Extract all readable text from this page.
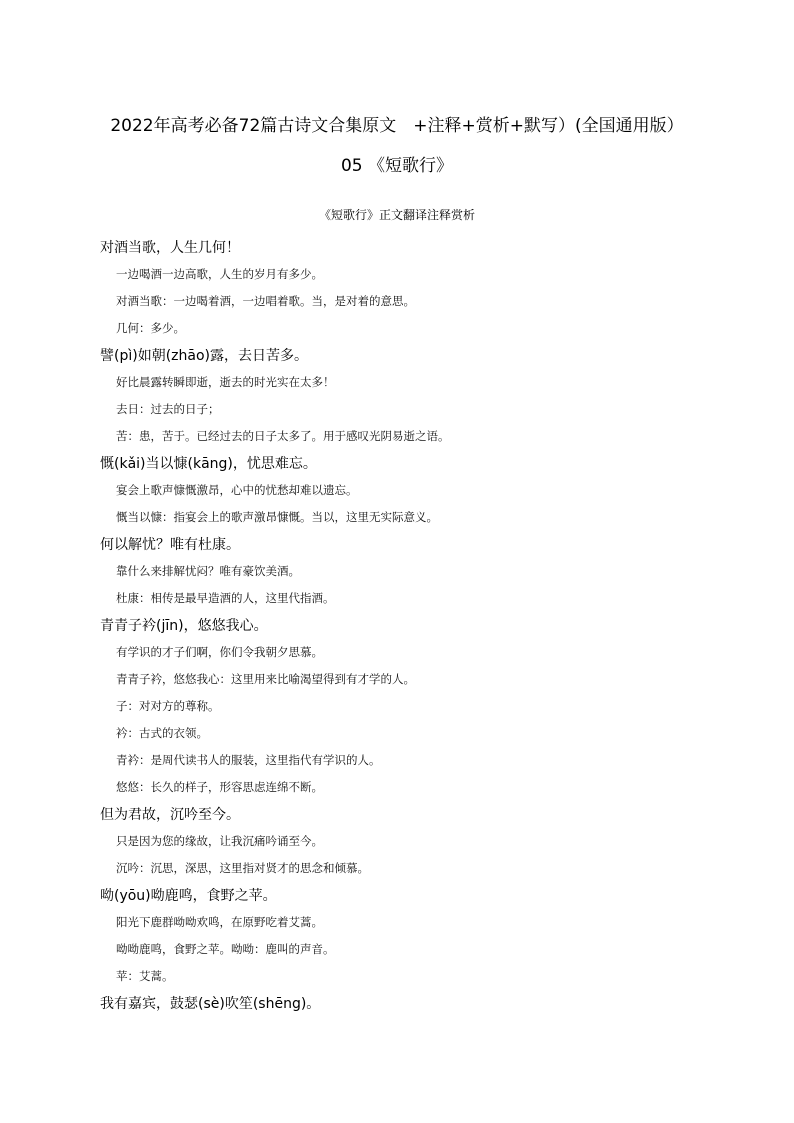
2022年高考必备72篇古诗文合集原文　+注释+赏析+默写）(全国通用版）
05 《短歌行》
《短歌行》正文翻译注释赏析
对酒当歌，人生几何！
一边喝酒一边高歌，人生的岁月有多少。
对酒当歌：一边喝着酒，一边唱着歌。当，是对着的意思。
几何：多少。
譬(pì)如朝(zhāo)露，去日苦多。
好比晨露转瞬即逝，逝去的时光实在太多！
去日：过去的日子；
苦：患，苦于。已经过去的日子太多了。用于感叹光阴易逝之语。
慨(kǎi)当以慷(kāng)，忧思难忘。
宴会上歌声慷慨激昂，心中的忧愁却难以遗忘。
慨当以慷：指宴会上的歌声激昂慷慨。当以，这里无实际意义。
何以解忧？唯有杜康。
靠什么来排解忧闷？唯有豪饮美酒。
杜康：相传是最早造酒的人，这里代指酒。
青青子衿(jīn)，悠悠我心。
有学识的才子们啊，你们令我朝夕思慕。
青青子衿，悠悠我心：这里用来比喻渴望得到有才学的人。
子：对对方的尊称。
衿：古式的衣领。
青衿：是周代读书人的服装，这里指代有学识的人。
悠悠：长久的样子，形容思虑连绵不断。
但为君故，沉吟至今。
只是因为您的缘故，让我沉痛吟诵至今。
沉吟：沉思，深思，这里指对贤才的思念和倾慕。
呦(yōu)呦鹿鸣，食野之苹。
阳光下鹿群呦呦欢鸣，在原野吃着艾蒿。
呦呦鹿鸣，食野之苹。呦呦：鹿叫的声音。
苹：艾蒿。
我有嘉宾，鼓瑟(sè)吹笙(shēng)。
